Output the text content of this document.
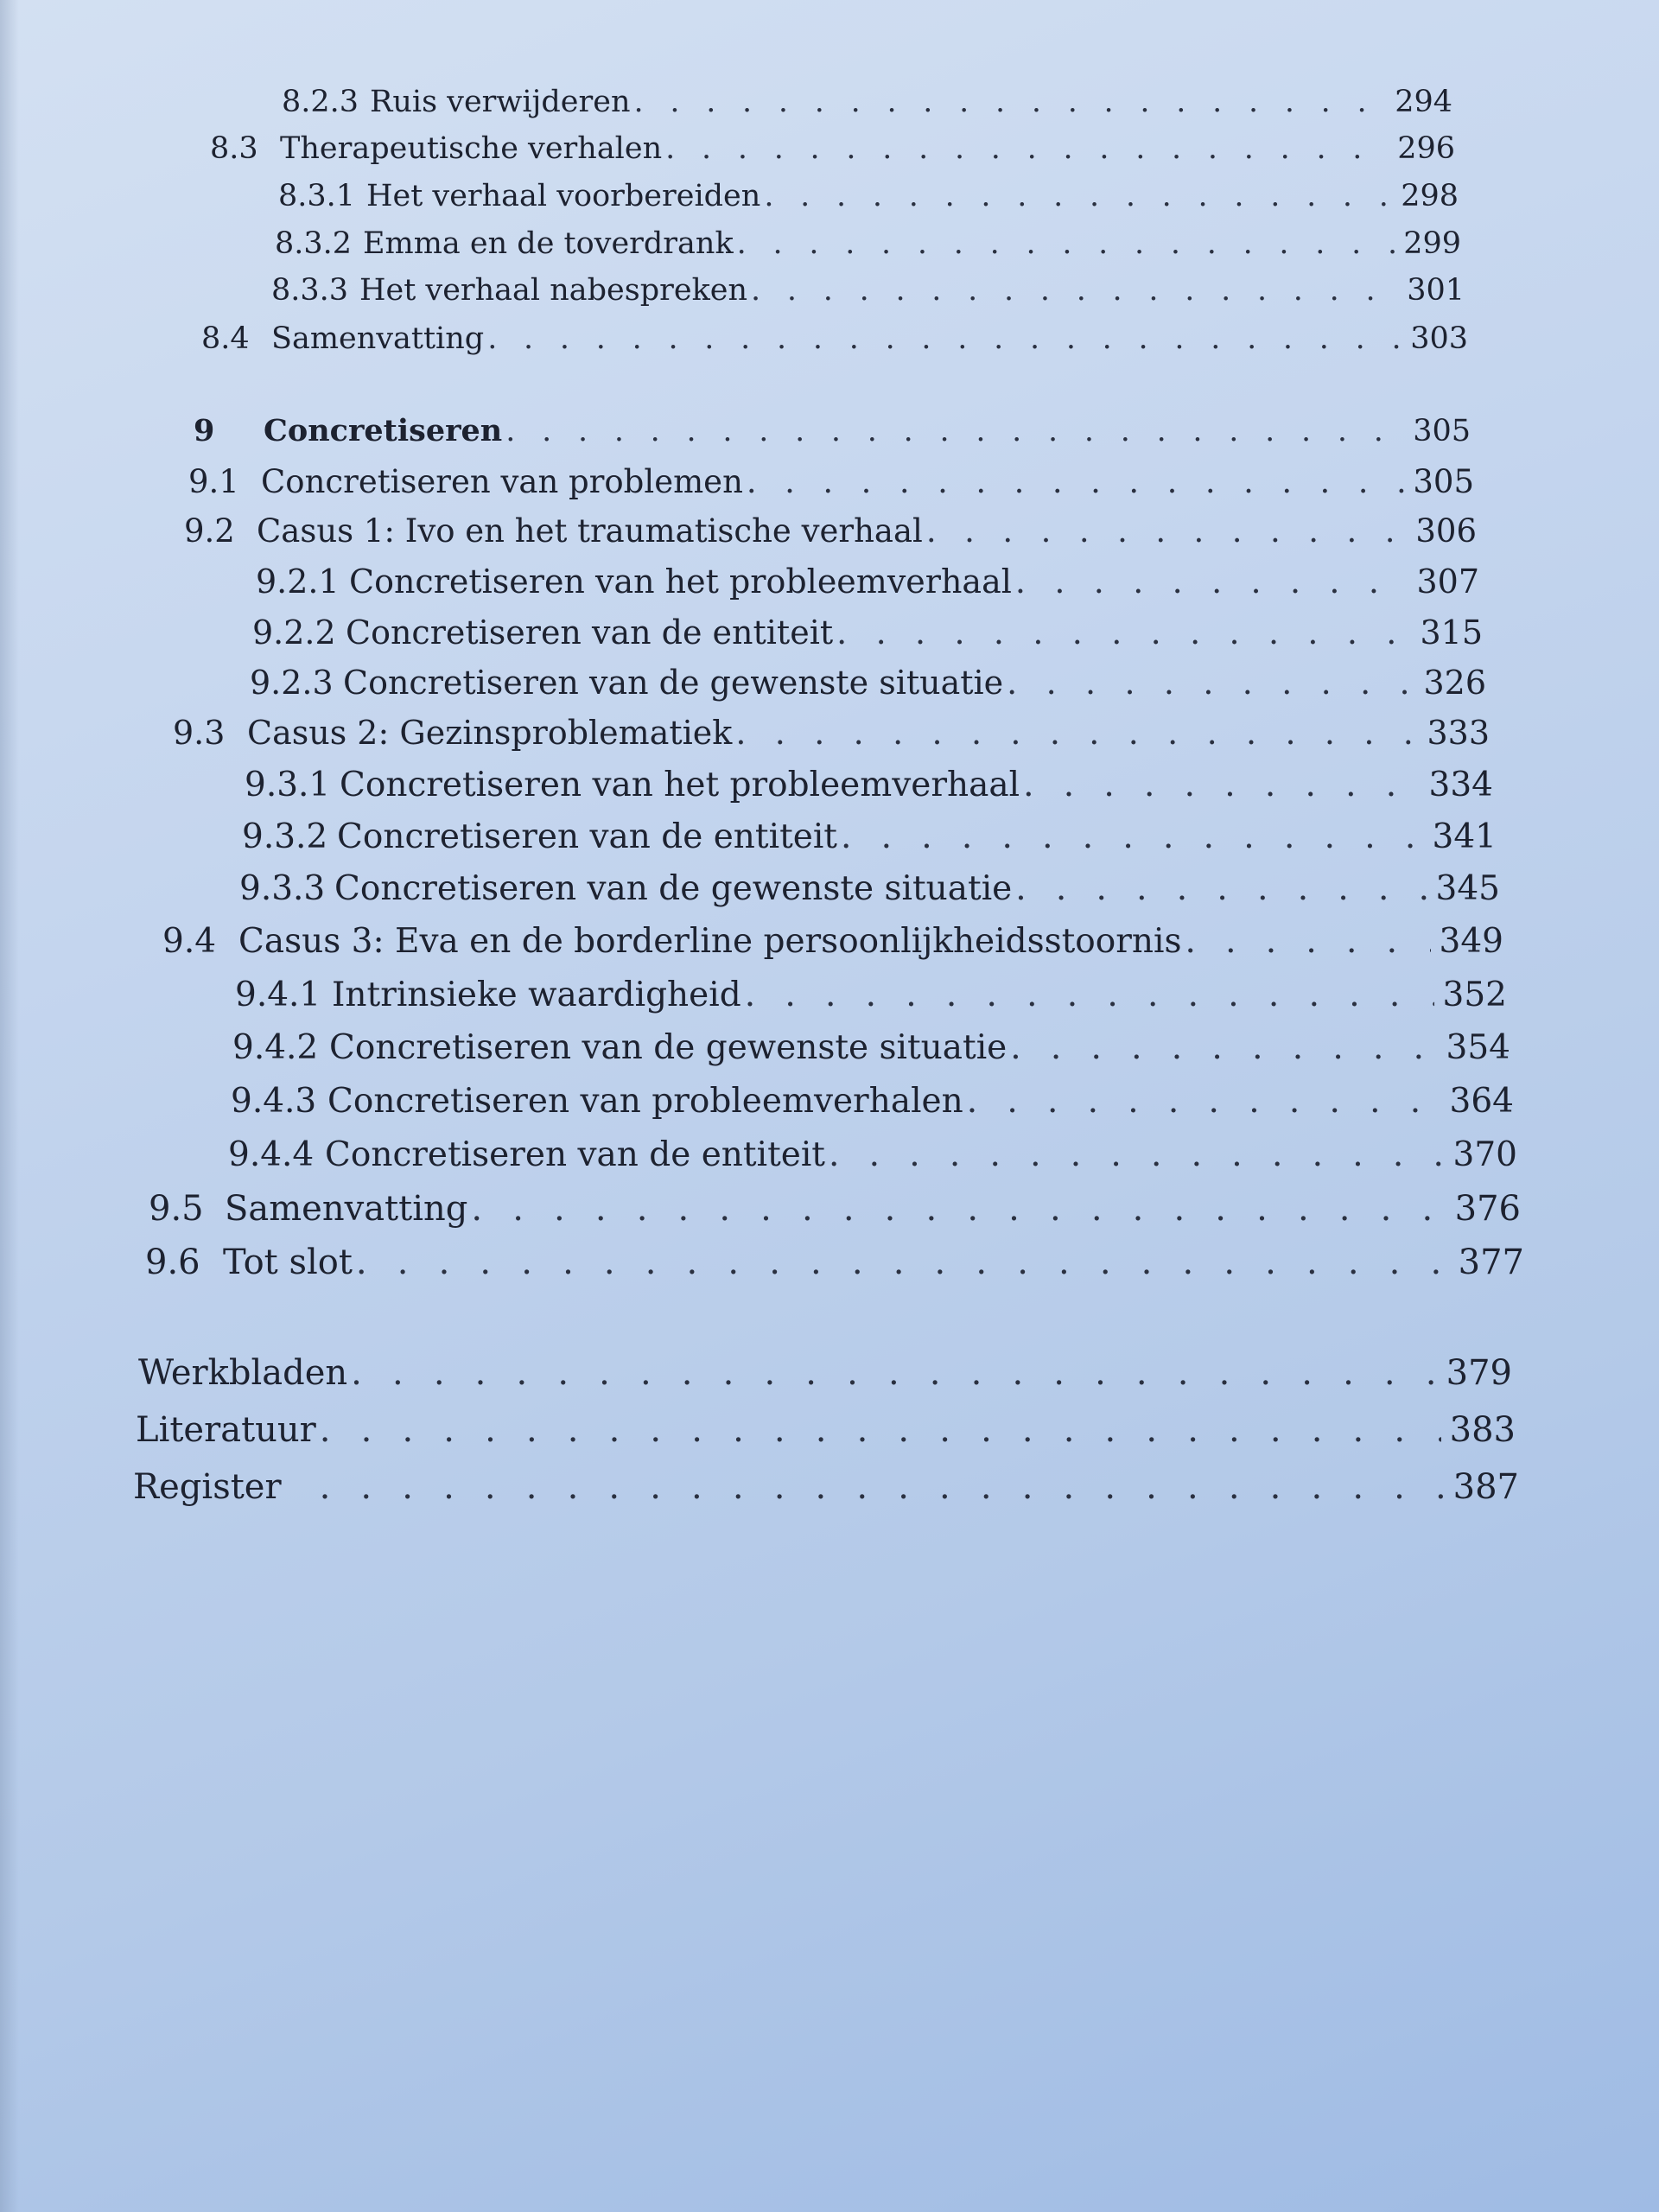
8.2.3 Ruis verwijderen . . .	294
8.3 Therapeutische verhalen . . .	296
8.3.1 Het verhaal voorbereiden . . .	298
8.3.2 Emma en de toverdrank . . .	299
8.3.3 Het verhaal nabespreken . . .	301
8.4 Samenvatting . . .	303
9	Concretiseren . . .	305
9.1 Concretiseren van problemen . . .	305
9.2 Casus 1: Ivo en het traumatische verhaal . . .	306
9.2.1 Concretiseren van het probleemverhaal . . .	307
9.2.2 Concretiseren van de entiteit . . .	315
9.2.3 Concretiseren van de gewenste situatie . . .	326
9.3 Casus 2: Gezinsproblematiek . . .	333
9.3.1 Concretiseren van het probleemverhaal . . .	334
9.3.2 Concretiseren van de entiteit . . .	341
9.3.3 Concretiseren van de gewenste situatie . . .	345
9.4 Casus 3: Eva en de borderline persoonlijkheidsstoornis . . .	349
9.4.1 Intrinsieke waardigheid . . .	352
9.4.2 Concretiseren van de gewenste situatie . . .	354
9.4.3 Concretiseren van probleemverhalen . . .	364
9.4.4 Concretiseren van de entiteit . . .	370
9.5 Samenvatting . . .	376
9.6 Tot slot . . .	377
Werkbladen . . .	379
Literatuur . . .	383
Register . . .	387
